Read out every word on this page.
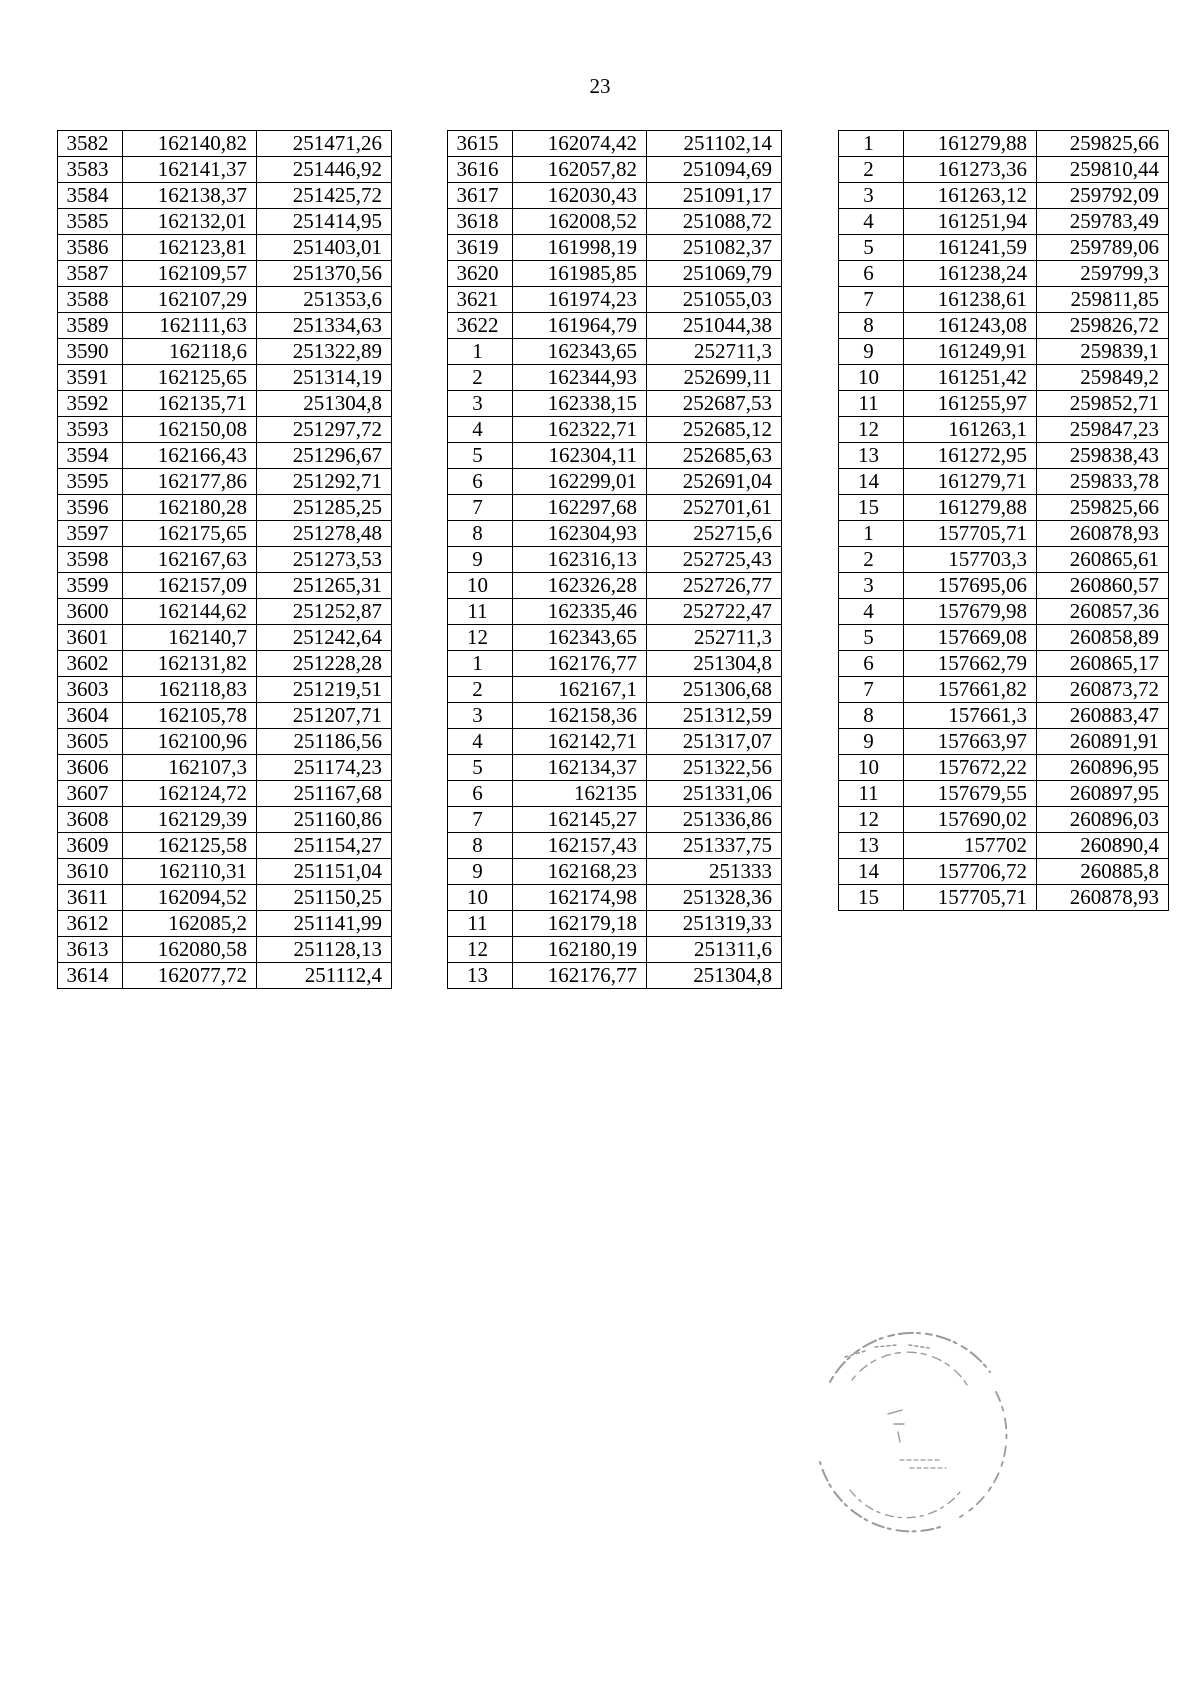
23
3582	162140,82	251471,26
3583	162141,37	251446,92
3584	162138,37	251425,72
3585	162132,01	251414,95
3586	162123,81	251403,01
3587	162109,57	251370,56
3588	162107,29	251353,6
3589	162111,63	251334,63
3590	162118,6	251322,89
3591	162125,65	251314,19
3592	162135,71	251304,8
3593	162150,08	251297,72
3594	162166,43	251296,67
3595	162177,86	251292,71
3596	162180,28	251285,25
3597	162175,65	251278,48
3598	162167,63	251273,53
3599	162157,09	251265,31
3600	162144,62	251252,87
3601	162140,7	251242,64
3602	162131,82	251228,28
3603	162118,83	251219,51
3604	162105,78	251207,71
3605	162100,96	251186,56
3606	162107,3	251174,23
3607	162124,72	251167,68
3608	162129,39	251160,86
3609	162125,58	251154,27
3610	162110,31	251151,04
3611	162094,52	251150,25
3612	162085,2	251141,99
3613	162080,58	251128,13
3614	162077,72	251112,4
3615	162074,42	251102,14
3616	162057,82	251094,69
3617	162030,43	251091,17
3618	162008,52	251088,72
3619	161998,19	251082,37
3620	161985,85	251069,79
3621	161974,23	251055,03
3622	161964,79	251044,38
1	162343,65	252711,3
2	162344,93	252699,11
3	162338,15	252687,53
4	162322,71	252685,12
5	162304,11	252685,63
6	162299,01	252691,04
7	162297,68	252701,61
8	162304,93	252715,6
9	162316,13	252725,43
10	162326,28	252726,77
11	162335,46	252722,47
12	162343,65	252711,3
1	162176,77	251304,8
2	162167,1	251306,68
3	162158,36	251312,59
4	162142,71	251317,07
5	162134,37	251322,56
6	162135	251331,06
7	162145,27	251336,86
8	162157,43	251337,75
9	162168,23	251333
10	162174,98	251328,36
11	162179,18	251319,33
12	162180,19	251311,6
13	162176,77	251304,8
1	161279,88	259825,66
2	161273,36	259810,44
3	161263,12	259792,09
4	161251,94	259783,49
5	161241,59	259789,06
6	161238,24	259799,3
7	161238,61	259811,85
8	161243,08	259826,72
9	161249,91	259839,1
10	161251,42	259849,2
11	161255,97	259852,71
12	161263,1	259847,23
13	161272,95	259838,43
14	161279,71	259833,78
15	161279,88	259825,66
1	157705,71	260878,93
2	157703,3	260865,61
3	157695,06	260860,57
4	157679,98	260857,36
5	157669,08	260858,89
6	157662,79	260865,17
7	157661,82	260873,72
8	157661,3	260883,47
9	157663,97	260891,91
10	157672,22	260896,95
11	157679,55	260897,95
12	157690,02	260896,03
13	157702	260890,4
14	157706,72	260885,8
15	157705,71	260878,93
